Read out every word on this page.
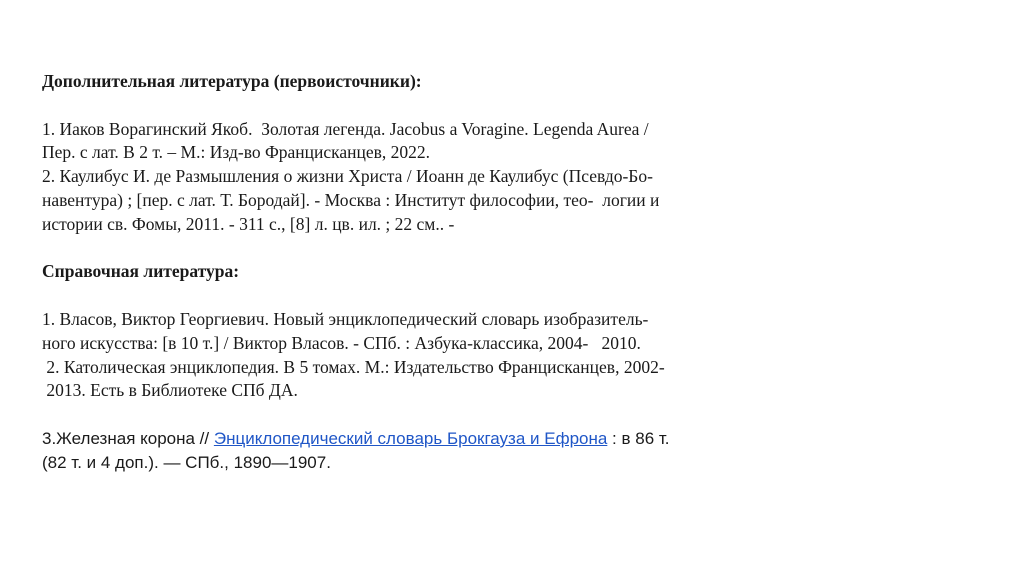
Дополнительная литература (первоисточники):
1. Иаков Ворагинский Якоб.  Золотая легенда. Jacobus a Voragine. Legenda Aurea /
Пер. с лат. В 2 т. – М.: Изд-во Францисканцев, 2022.
2. Каулибус И. де Размышления о жизни Христа / Иоанн де Каулибус (Псевдо-Бо-
навентура) ; [пер. с лат. Т. Бородай]. - Москва : Институт философии, тео-  логии и
истории св. Фомы, 2011. - 311 с., [8] л. цв. ил. ; 22 см.. -
Справочная литература:
1. Власов, Виктор Георгиевич. Новый энциклопедический словарь изобразитель-
ного искусства: [в 10 т.] / Виктор Власов. - СПб. : Азбука-классика, 2004-   2010.
2. Католическая энциклопедия. В 5 томах. М.: Издательство Францисканцев, 2002-
2013. Есть в Библиотеке СПб ДА.
3.Железная корона // Энциклопедический словарь Брокгауза и Ефрона : в 86 т.
(82 т. и 4 доп.). — СПб., 1890—1907.
